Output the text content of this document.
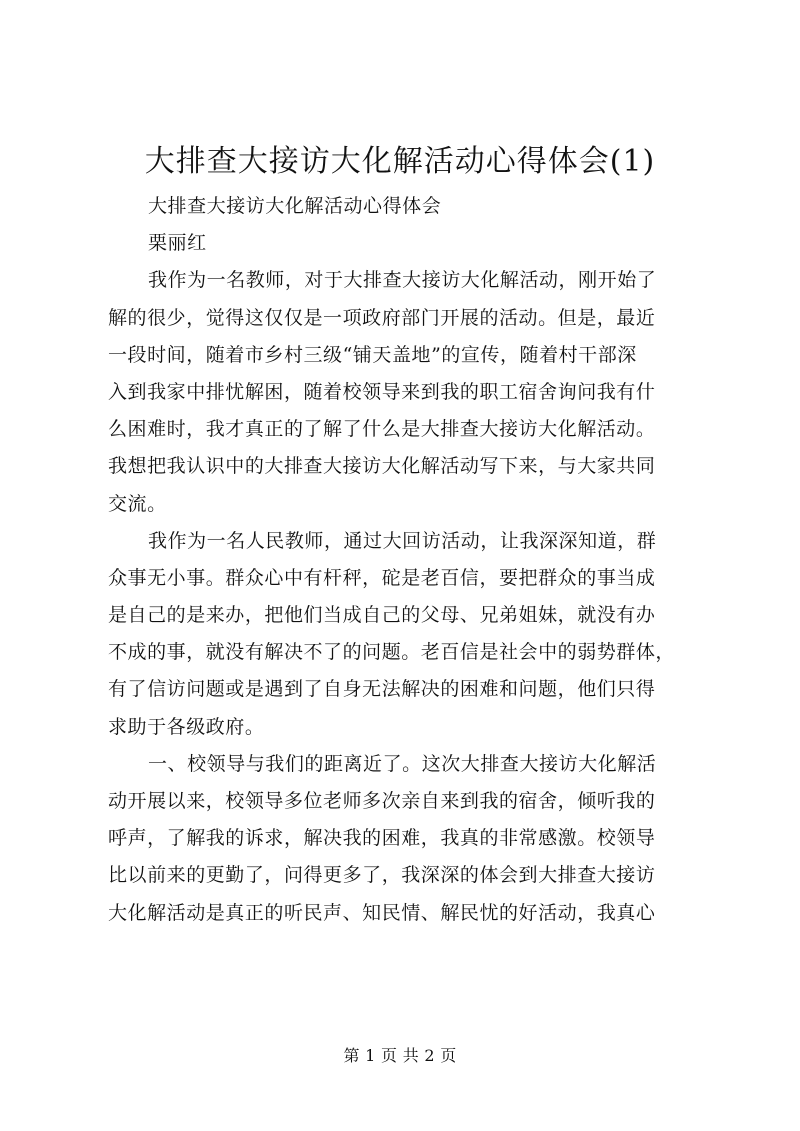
大排查大接访大化解活动心得体会(1)
大排查大接访大化解活动心得体会
栗丽红
我作为一名教师，对于大排查大接访大化解活动，刚开始了
解的很少，觉得这仅仅是一项政府部门开展的活动。但是，最近
一段时间，随着市乡村三级“铺天盖地”的宣传，随着村干部深
入到我家中排忧解困，随着校领导来到我的职工宿舍询问我有什
么困难时，我才真正的了解了什么是大排查大接访大化解活动。
我想把我认识中的大排查大接访大化解活动写下来，与大家共同
交流。
我作为一名人民教师，通过大回访活动，让我深深知道，群
众事无小事。群众心中有杆秤，砣是老百信，要把群众的事当成
是自己的是来办，把他们当成自己的父母、兄弟姐妹，就没有办
不成的事，就没有解决不了的问题。老百信是社会中的弱势群体，
有了信访问题或是遇到了自身无法解决的困难和问题，他们只得
求助于各级政府。
一、校领导与我们的距离近了。这次大排查大接访大化解活
动开展以来，校领导多位老师多次亲自来到我的宿舍，倾听我的
呼声，了解我的诉求，解决我的困难，我真的非常感激。校领导
比以前来的更勤了，问得更多了，我深深的体会到大排查大接访
大化解活动是真正的听民声、知民情、解民忧的好活动，我真心
第 1 页 共 2 页
